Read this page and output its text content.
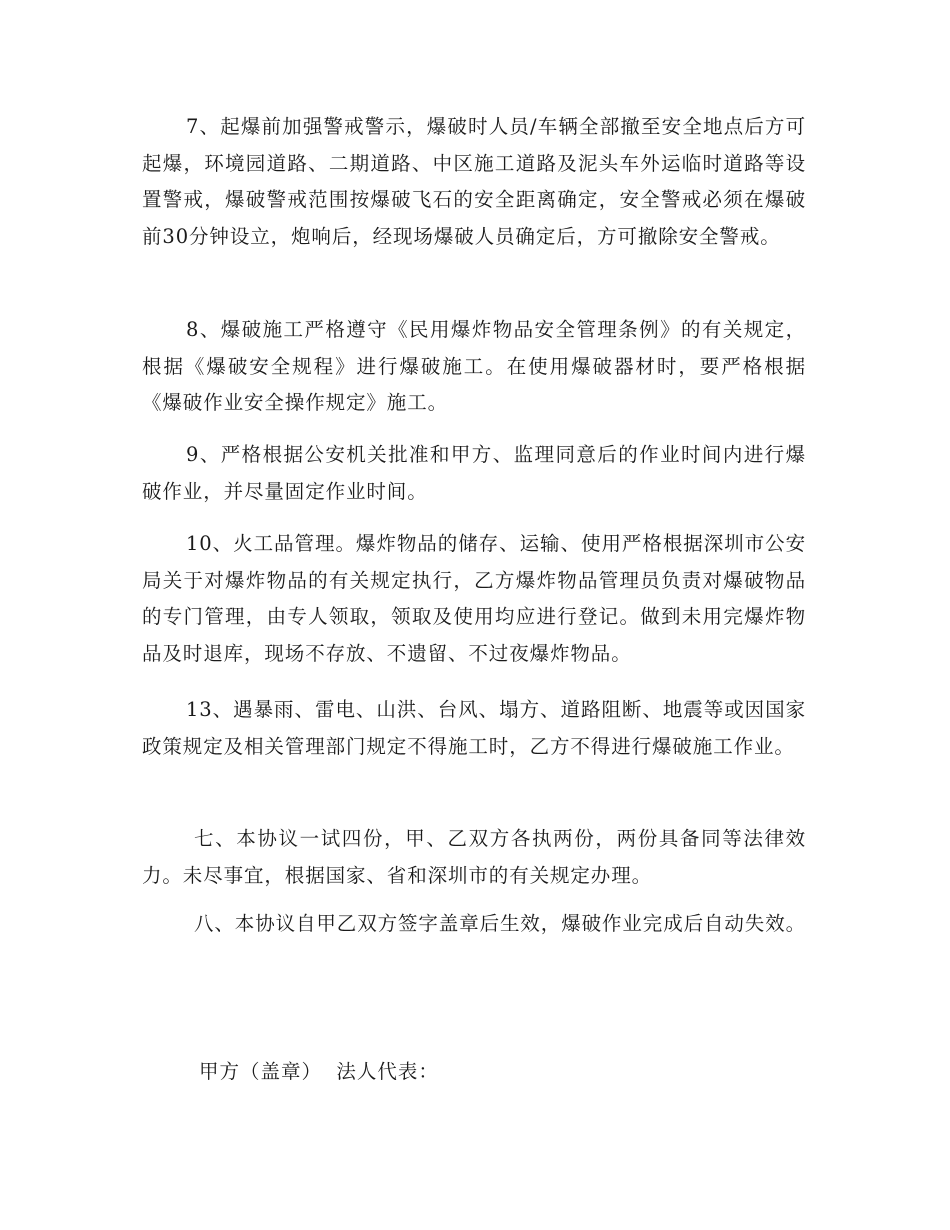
7、起爆前加强警戒警示，爆破时人员/车辆全部撤至安全地点后方可起爆，环境园道路、二期道路、中区施工道路及泥头车外运临时道路等设置警戒，爆破警戒范围按爆破飞石的安全距离确定，安全警戒必须在爆破前30分钟设立，炮响后，经现场爆破人员确定后，方可撤除安全警戒。

8、爆破施工严格遵守《民用爆炸物品安全管理条例》的有关规定，根据《爆破安全规程》进行爆破施工。在使用爆破器材时，要严格根据《爆破作业安全操作规定》施工。

9、严格根据公安机关批准和甲方、监理同意后的作业时间内进行爆破作业，并尽量固定作业时间。

10、火工品管理。爆炸物品的储存、运输、使用严格根据深圳市公安局关于对爆炸物品的有关规定执行，乙方爆炸物品管理员负责对爆破物品的专门管理，由专人领取，领取及使用均应进行登记。做到未用完爆炸物品及时退库，现场不存放、不遗留、不过夜爆炸物品。

13、遇暴雨、雷电、山洪、台风、塌方、道路阻断、地震等或因国家政策规定及相关管理部门规定不得施工时，乙方不得进行爆破施工作业。

七、本协议一试四份，甲、乙双方各执两份，两份具备同等法律效力。未尽事宜，根据国家、省和深圳市的有关规定办理。

八、本协议自甲乙双方签字盖章后生效，爆破作业完成后自动失效。

甲方（盖章）  法人代表：
